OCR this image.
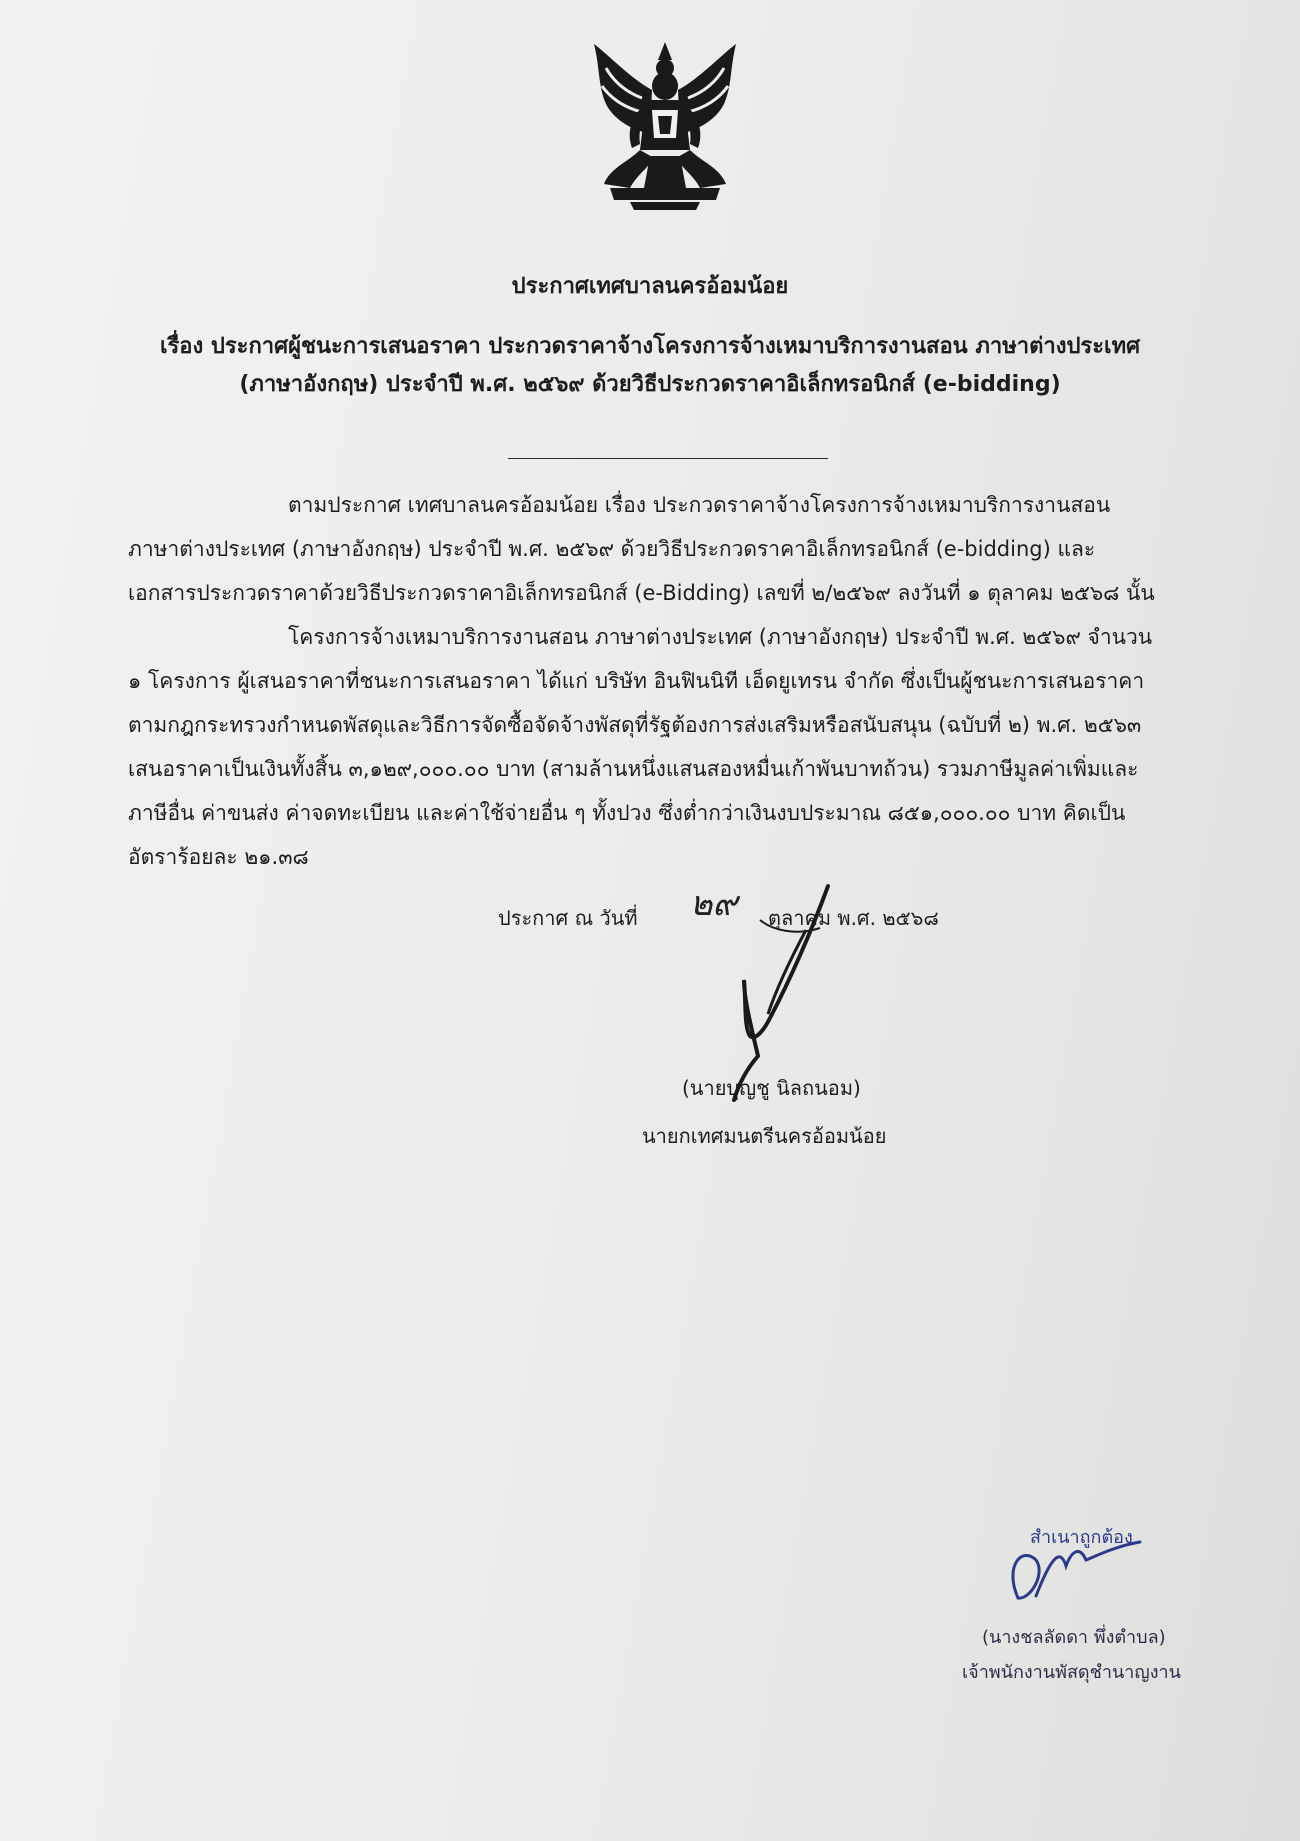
ประกาศเทศบาลนครอ้อมน้อย
เรื่อง ประกาศผู้ชนะการเสนอราคา ประกวดราคาจ้างโครงการจ้างเหมาบริการงานสอน ภาษาต่างประเทศ
(ภาษาอังกฤษ) ประจำปี พ.ศ. ๒๕๖๙ ด้วยวิธีประกวดราคาอิเล็กทรอนิกส์ (e-bidding)
ตามประกาศ เทศบาลนครอ้อมน้อย เรื่อง ประกวดราคาจ้างโครงการจ้างเหมาบริการงานสอน
ภาษาต่างประเทศ (ภาษาอังกฤษ) ประจำปี พ.ศ. ๒๕๖๙ ด้วยวิธีประกวดราคาอิเล็กทรอนิกส์ (e-bidding) และ
เอกสารประกวดราคาด้วยวิธีประกวดราคาอิเล็กทรอนิกส์ (e-Bidding) เลขที่ ๒/๒๕๖๙ ลงวันที่ ๑ ตุลาคม ๒๕๖๘ นั้น
โครงการจ้างเหมาบริการงานสอน ภาษาต่างประเทศ (ภาษาอังกฤษ) ประจำปี พ.ศ. ๒๕๖๙ จำนวน
๑ โครงการ ผู้เสนอราคาที่ชนะการเสนอราคา ได้แก่ บริษัท อินฟินนิที เอ็ดยูเทรน จำกัด ซึ่งเป็นผู้ชนะการเสนอราคา
ตามกฎกระทรวงกำหนดพัสดุและวิธีการจัดซื้อจัดจ้างพัสดุที่รัฐต้องการส่งเสริมหรือสนับสนุน (ฉบับที่ ๒) พ.ศ. ๒๕๖๓
เสนอราคาเป็นเงินทั้งสิ้น ๓,๑๒๙,๐๐๐.๐๐ บาท (สามล้านหนึ่งแสนสองหมื่นเก้าพันบาทถ้วน) รวมภาษีมูลค่าเพิ่มและ
ภาษีอื่น ค่าขนส่ง ค่าจดทะเบียน และค่าใช้จ่ายอื่น ๆ ทั้งปวง ซึ่งต่ำกว่าเงินงบประมาณ ๘๕๑,๐๐๐.๐๐ บาท คิดเป็น
อัตราร้อยละ ๒๑.๓๘
ประกาศ ณ วันที่ ๒๙ ตุลาคม พ.ศ. ๒๕๖๘
(นายบุญชู นิลถนอม)
นายกเทศมนตรีนครอ้อมน้อย
สำเนาถูกต้อง
(นางชลลัดดา พึ่งตำบล)
เจ้าพนักงานพัสดุชำนาญงาน
